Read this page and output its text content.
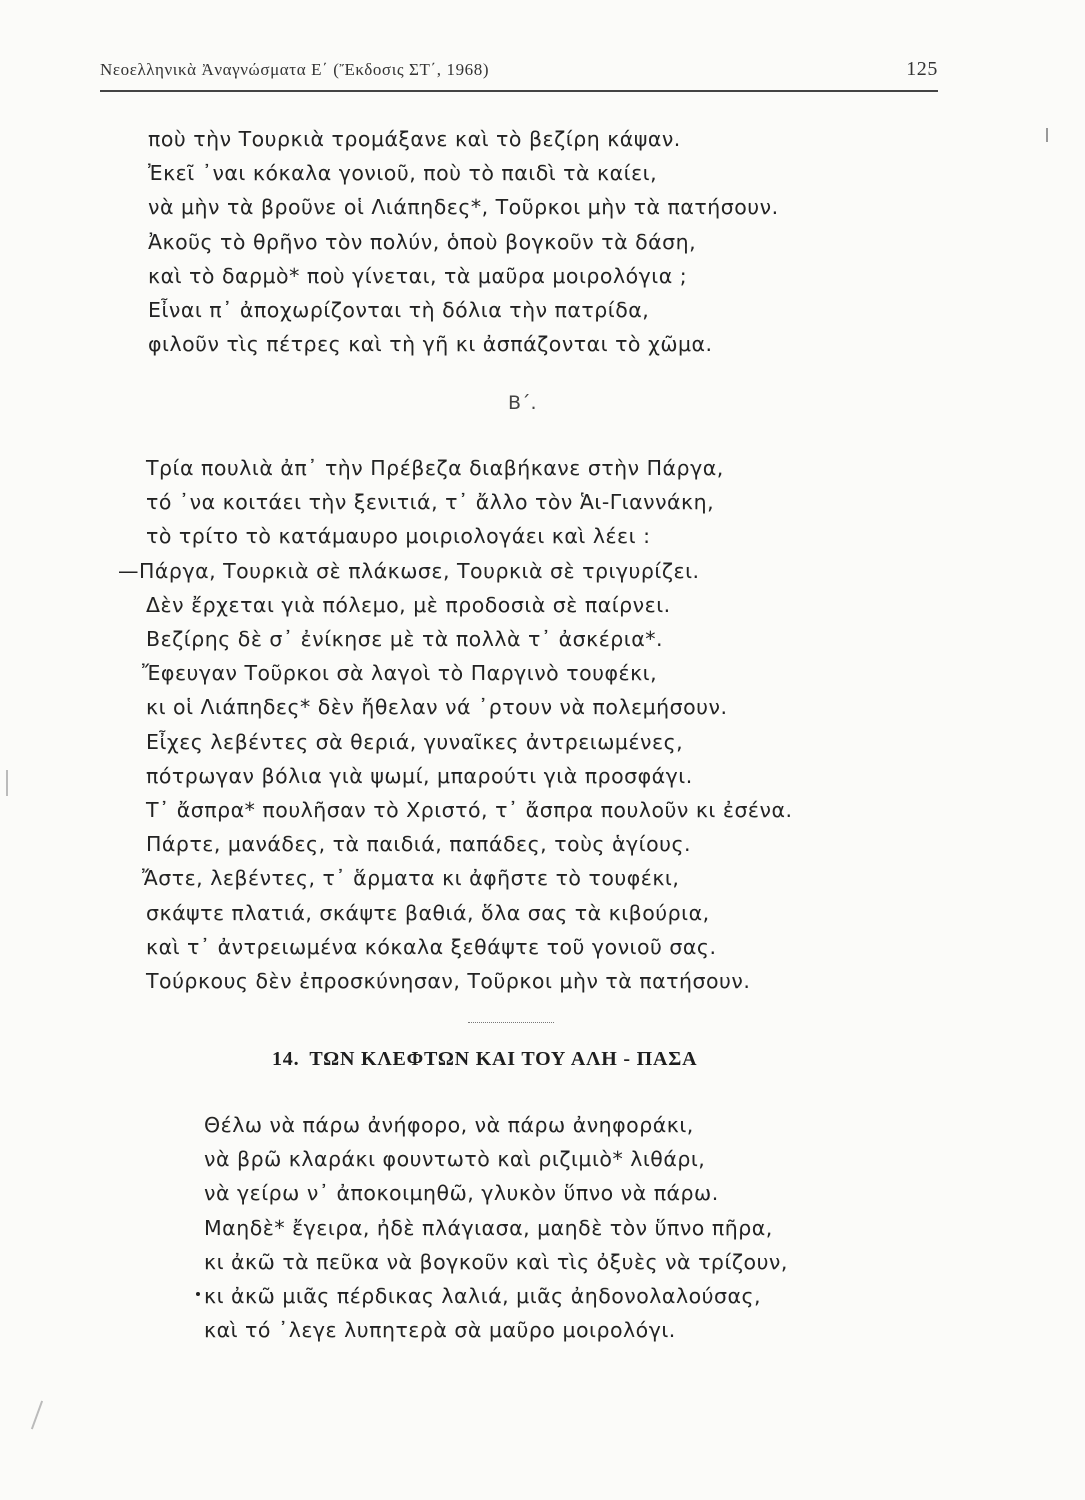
Νεοελληνικὰ Ἀναγνώσματα Ε΄ (Ἔκδοσις ΣΤ΄, 1968)	125
ποὺ τὴν Τουρκιὰ τρομάξανε καὶ τὸ βεζίρη κάψαν.
Ἐκεῖ ᾿ναι κόκαλα γονιοῦ, ποὺ τὸ παιδὶ τὰ καίει,
νὰ μὴν τὰ βροῦνε οἱ Λιάπηδες*, Τοῦρκοι μὴν τὰ πατήσουν.
Ἀκοῦς τὸ θρῆνο τὸν πολύν, ὁποὺ βογκοῦν τὰ δάση,
καὶ τὸ δαρμὸ* ποὺ γίνεται, τὰ μαῦρα μοιρολόγια ;
Εἶναι π᾿ ἀποχωρίζονται τὴ δόλια τὴν πατρίδα,
φιλοῦν τὶς πέτρες καὶ τὴ γῆ κι ἀσπάζονται τὸ χῶμα.
Β΄.
Τρία πουλιὰ ἀπ᾿ τὴν Πρέβεζα διαβήκανε στὴν Πάργα,
τό ᾿να κοιτάει τὴν ξενιτιά, τ᾿ ἄλλο τὸν Ἁι-Γιαννάκη,
τὸ τρίτο τὸ κατάμαυρο μοιριολογάει καὶ λέει :
—Πάργα, Τουρκιὰ σὲ πλάκωσε, Τουρκιὰ σὲ τριγυρίζει.
Δὲν ἔρχεται γιὰ πόλεμο, μὲ προδοσιὰ σὲ παίρνει.
Βεζίρης δὲ σ᾿ ἐνίκησε μὲ τὰ πολλὰ τ᾿ ἀσκέρια*.
Ἔφευγαν Τοῦρκοι σὰ λαγοὶ τὸ Παργινὸ τουφέκι,
κι οἱ Λιάπηδες* δὲν ἤθελαν νά ᾿ρτουν νὰ πολεμήσουν.
Εἶχες λεβέντες σὰ θεριά, γυναῖκες ἀντρειωμένες,
πότρωγαν βόλια γιὰ ψωμί, μπαρούτι γιὰ προσφάγι.
Τ᾿ ἄσπρα* πουλῆσαν τὸ Χριστό, τ᾿ ἄσπρα πουλοῦν κι ἐσένα.
Πάρτε, μανάδες, τὰ παιδιά, παπάδες, τοὺς ἁγίους.
Ἄστε, λεβέντες, τ᾿ ἅρματα κι ἀφῆστε τὸ τουφέκι,
σκάψτε πλατιά, σκάψτε βαθιά, ὅλα σας τὰ κιβούρια,
καὶ τ᾿ ἀντρειωμένα κόκαλα ξεθάψτε τοῦ γονιοῦ σας.
Τούρκους δὲν ἐπροσκύνησαν, Τοῦρκοι μὴν τὰ πατήσουν.
14. ΤΩΝ ΚΛΕΦΤΩΝ ΚΑΙ ΤΟΥ ΑΛΗ - ΠΑΣΑ
Θέλω νὰ πάρω ἀνήφορο, νὰ πάρω ἀνηφοράκι,
νὰ βρῶ κλαράκι φουντωτὸ καὶ ριζιμιὸ* λιθάρι,
νὰ γείρω ν᾿ ἀποκοιμηθῶ, γλυκὸν ὕπνο νὰ πάρω.
Μαηδὲ* ἔγειρα, ἠδὲ πλάγιασα, μαηδὲ τὸν ὕπνο πῆρα,
κι ἀκῶ τὰ πεῦκα νὰ βογκοῦν καὶ τὶς ὀξυὲς νὰ τρίζουν,
κι ἀκῶ μιᾶς πέρδικας λαλιά, μιᾶς ἀηδονολαλούσας,
καὶ τό ᾿λεγε λυπητερὰ σὰ μαῦρο μοιρολόγι.
